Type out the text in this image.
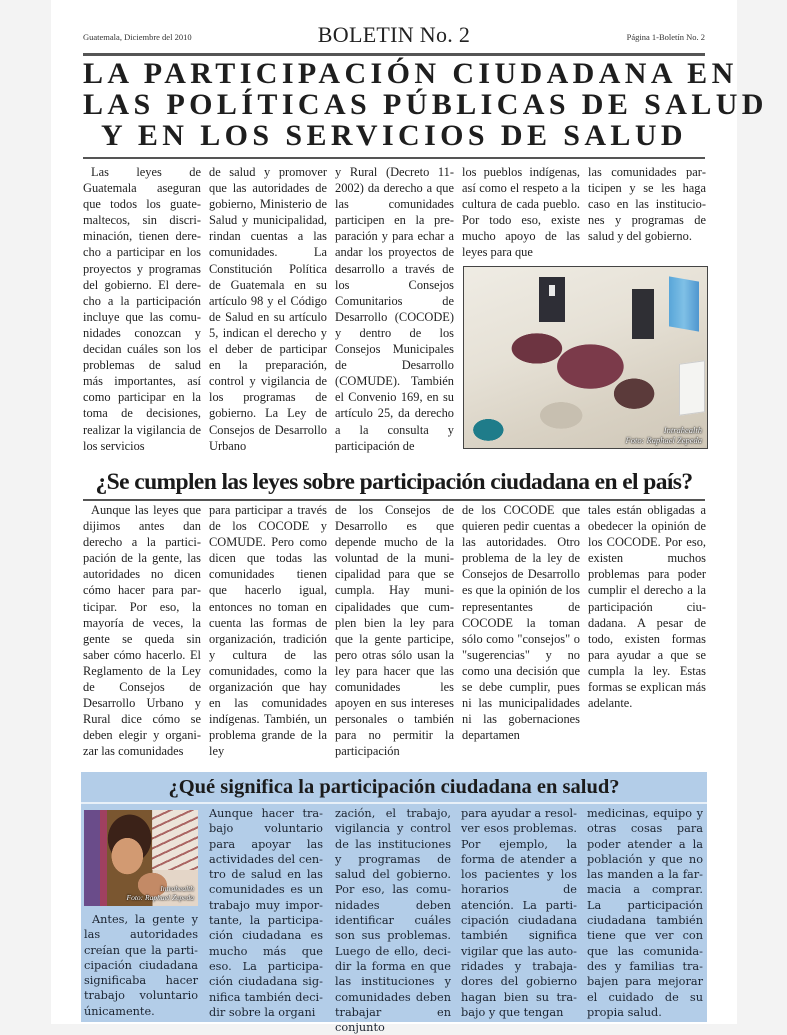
Guatemala, Diciembre del 2010	BOLETIN No. 2	Página 1-Boletín No. 2
LA PARTICIPACIÓN CIUDADANA EN
LAS POLÍTICAS PÚBLICAS DE SALUD
Y EN LOS SERVICIOS DE SALUD

Las leyes de Guatemala aseguran que todos los guatemaltecos, sin discriminación, tienen derecho a participar en los proyectos y programas del gobierno. El derecho a la participación incluye que las comunidades conozcan y decidan cuáles son los problemas de salud más importantes, así como participar en la toma de decisiones, realizar la vigilancia de los servicios

de salud y promover que las autoridades de gobierno, Ministerio de Salud y municipalidad, rindan cuentas a las comunidades. La Constitución Política de Guatemala en su artículo 98 y el Código de Salud en su artículo 5, indican el derecho y el deber de participar en la preparación, control y vigilancia de los programas de gobierno. La Ley de Consejos de Desarrollo Urbano

y Rural (Decreto 11-2002) da derecho a que las comunidades participen en la preparación y para echar a andar los proyectos de desarrollo a través de los Consejos Comunitarios de Desarrollo (COCODE) y dentro de los Consejos Municipales de Desarrollo (COMUDE). También el Convenio 169, en su artículo 25, da derecho a la consulta y participación de

los pueblos indígenas, así como el respeto a la cultura de cada pueblo. Por todo eso, existe mucho apoyo de las leyes para que

las comunidades participen y se les haga caso en las instituciones y programas de salud y del gobierno.

Intrahealth
Foto: Raphael Zepeda
¿Se cumplen las leyes sobre participación ciudadana en el país?

Aunque las leyes que dijimos antes dan derecho a la participación de la gente, las autoridades no dicen cómo hacer para participar. Por eso, la mayoría de veces, la gente se queda sin saber cómo hacerlo. El Reglamento de la Ley de Consejos de Desarrollo Urbano y Rural dice cómo se deben elegir y organizar las comunidades

para participar a través de los COCODE y COMUDE. Pero como dicen que todas las comunidades tienen que hacerlo igual, entonces no toman en cuenta las formas de organización, tradición y cultura de las comunidades, como la organización que hay en las comunidades indígenas. También, un problema grande de la ley

de los Consejos de Desarrollo es que depende mucho de la voluntad de la municipalidad para que se cumpla. Hay municipalidades que cumplen bien la ley para que la gente participe, pero otras sólo usan la ley para hacer que las comunidades les apoyen en sus intereses personales o también para no permitir la participación

de los COCODE que quieren pedir cuentas a las autoridades. Otro problema de la ley de Consejos de Desarrollo es que la opinión de los representantes de COCODE la toman sólo como "consejos" o "sugerencias" y no como una decisión que se debe cumplir, pues ni las municipalidades ni las gobernaciones departamen

tales están obligadas a obedecer la opinión de los COCODE. Por eso, existen muchos problemas para poder cumplir el derecho a la participación ciudadana. A pesar de todo, existen formas para ayudar a que se cumpla la ley. Estas formas se explican más adelante.

¿Qué significa la participación ciudadana en salud?
Intrahealth
Foto: Raphael Zepeda

Antes, la gente y las autoridades creían que la participación ciudadana significaba hacer trabajo voluntario únicamente.

Aunque hacer trabajo voluntario para apoyar las actividades del centro de salud en las comunidades es un trabajo muy importante, la participación ciudadana es mucho más que eso. La participación ciudadana significa también decidir sobre la organi

zación, el trabajo, vigilancia y control de las instituciones y programas de salud del gobierno. Por eso, las comunidades deben identificar cuáles son sus problemas. Luego de ello, decidir la forma en que las instituciones y comunidades deben trabajar en conjunto

para ayudar a resolver esos problemas. Por ejemplo, la forma de atender a los pacientes y los horarios de atención. La participación ciudadana también significa vigilar que las autoridades y trabajadores del gobierno hagan bien su trabajo y que tengan

medicinas, equipo y otras cosas para poder atender a la población y que no las manden a la farmacia a comprar. La participación ciudadana también tiene que ver con que las comunidades y familias trabajen para mejorar el cuidado de su propia salud.
